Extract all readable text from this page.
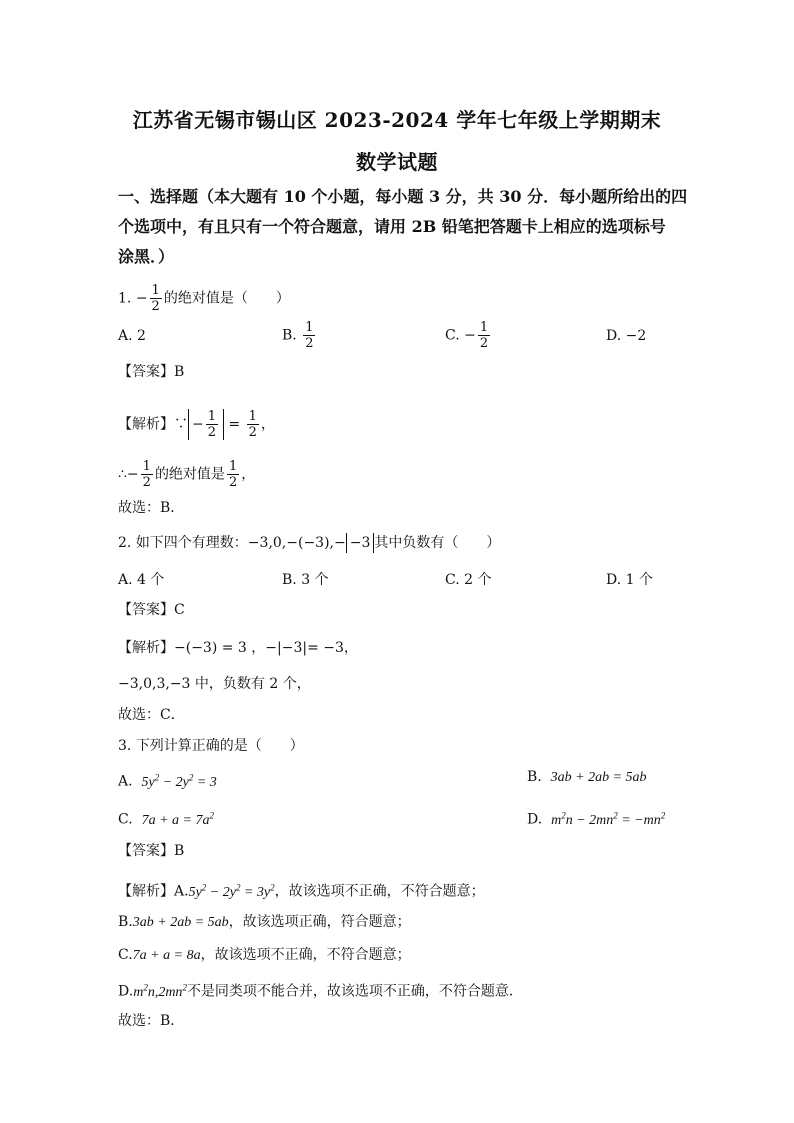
江苏省无锡市锡山区 2023-2024 学年七年级上学期期末
数学试题
一、选择题（本大题有 10 个小题，每小题 3 分，共 30 分．每小题所给出的四
个选项中，有且只有一个符合题意，请用 2B 铅笔把答题卡上相应的选项标号
涂黑．）
1. − $\frac{1}{2}$ 的绝对值是（　　）
A. 2	B. $\frac{1}{2}$	C. − $\frac{1}{2}$	D. −2
【答案】B
【解析】∵ − $\frac{1}{2} = \frac{1}{2}$ ，
∴− $\frac{1}{2}$ 的绝对值是 $\frac{1}{2}$ ，
故选：B．
2. 如下四个有理数：−3,0,−(−3),− −3 其中负数有（　　）
A. 4 个	B. 3 个	C. 2 个	D. 1 个
【答案】C
【解析】−(−3) = 3 ，−|−3|= −3，
−3,0,3,−3 中，负数有 2 个，
故选：C．
3. 下列计算正确的是（　　）
A. $5y^2 - 2y^2 = 3$	B. 3ab + 2ab = 5ab
C. $7a + a = 7a^2$	D. $m^2n - 2mn^2 = -mn^2$
【答案】B
【解析】$A.5y^2 - 2y^2 = 3y^2$，故该选项不正确，不符合题意；
B.3ab + 2ab = 5ab，故该选项正确，符合题意；
C.7a + a = 8a，故该选项不正确，不符合题意；
$D.m^2n,2mn^2$不是同类项不能合并，故该选项不正确，不符合题意．
故选：B．
